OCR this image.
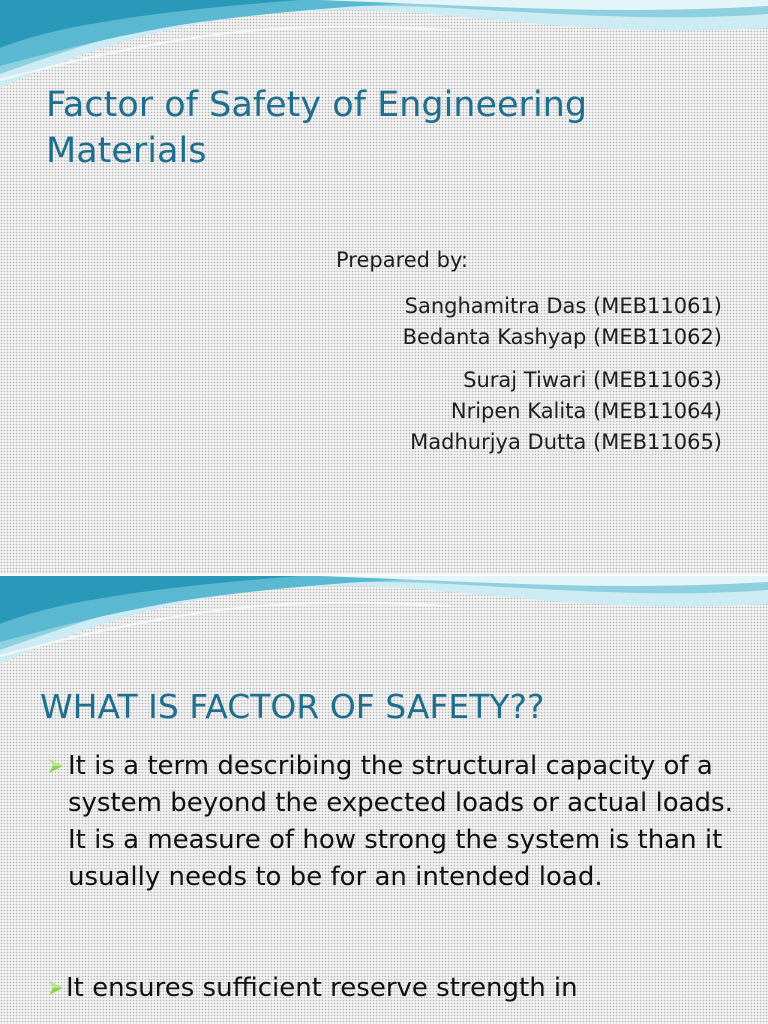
Factor of Safety of Engineering Materials
Prepared by:
Sanghamitra Das (MEB11061)
Bedanta Kashyap (MEB11062)
Suraj Tiwari (MEB11063)
Nripen Kalita (MEB11064)
Madhurjya Dutta (MEB11065)
WHAT IS FACTOR OF SAFETY??
It is a term describing the structural capacity of a system beyond the expected loads or actual loads. It is a measure of how strong the system is than it usually needs to be for an intended load.
It ensures sufficient reserve strength in
